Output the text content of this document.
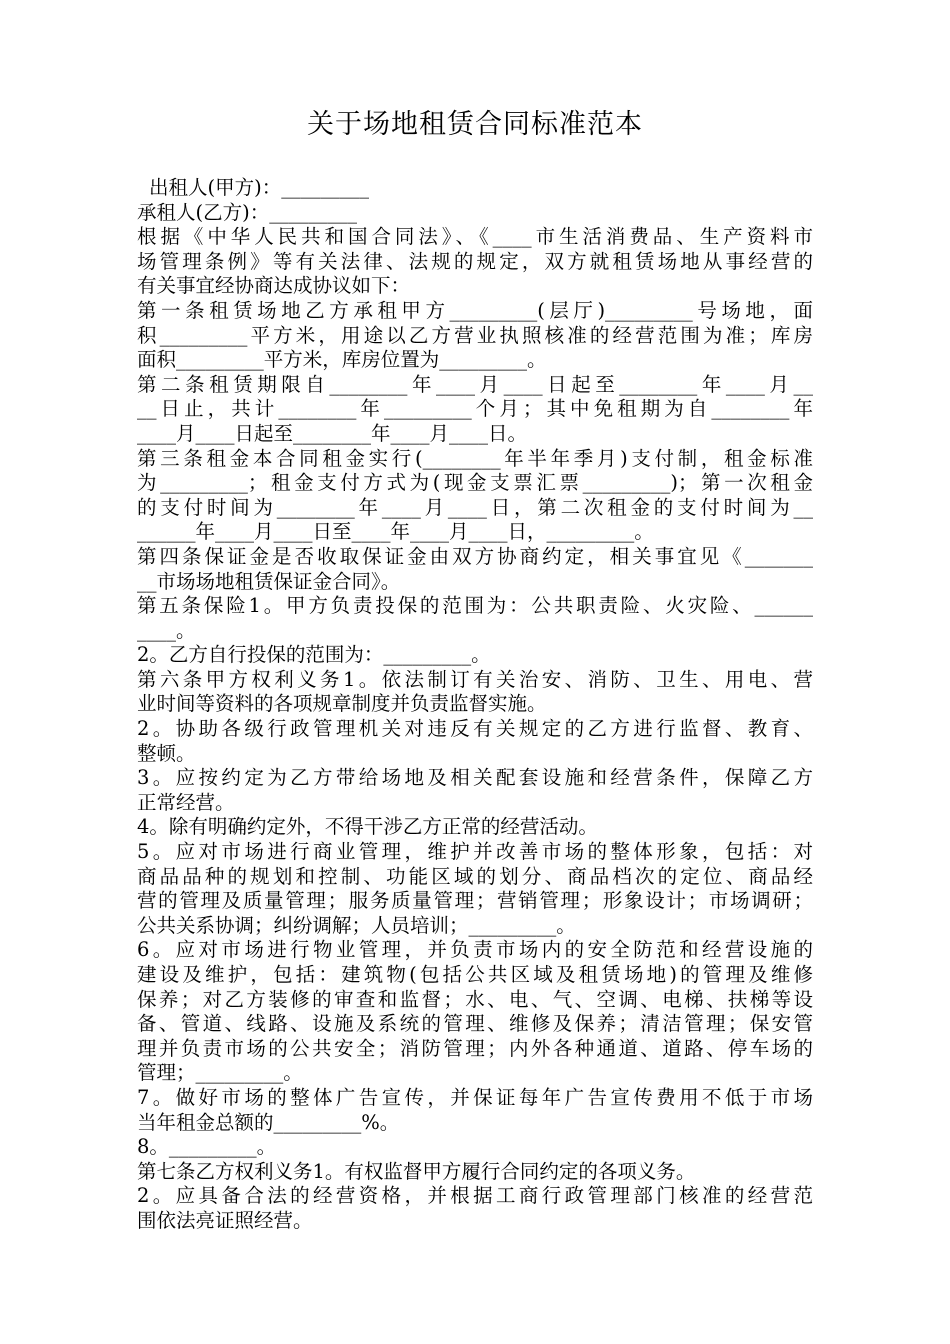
关于场地租赁合同标准范本
出租人(甲方)：_________
承租人(乙方)：_________
根据《中华人民共和国合同法》、《____市生活消费品、生产资料市
场管理条例》等有关法律、法规的规定，双方就租赁场地从事经营的
有关事宜经协商达成协议如下：
第一条租赁场地乙方承租甲方_________(层厅)_________号场地，面
积_________平方米，用途以乙方营业执照核准的经营范围为准；库房
面积_________平方米，库房位置为_________。
第二条租赁期限自________年____月____日起至________年____月__
__日止，共计________年_________个月；其中免租期为自________年
____月____日起至________年____月____日。
第三条租金本合同租金实行(________年半年季月)支付制，租金标准
为_________；租金支付方式为(现金支票汇票_________)；第一次租金
的支付时间为________年____月____日，第二次租金的支付时间为__
______年____月____日至____年____月____日，_________。
第四条保证金是否收取保证金由双方协商约定，相关事宜见《_______
__市场场地租赁保证金合同》。
第五条保险1。甲方负责投保的范围为：公共职责险、火灾险、______
____。
2。乙方自行投保的范围为：_________。
第六条甲方权利义务1。依法制订有关治安、消防、卫生、用电、营
业时间等资料的各项规章制度并负责监督实施。
2。协助各级行政管理机关对违反有关规定的乙方进行监督、教育、
整顿。
3。应按约定为乙方带给场地及相关配套设施和经营条件，保障乙方
正常经营。
4。除有明确约定外，不得干涉乙方正常的经营活动。
5。应对市场进行商业管理，维护并改善市场的整体形象，包括：对
商品品种的规划和控制、功能区域的划分、商品档次的定位、商品经
营的管理及质量管理；服务质量管理；营销管理；形象设计；市场调研；
公共关系协调；纠纷调解；人员培训；_________。
6。应对市场进行物业管理，并负责市场内的安全防范和经营设施的
建设及维护，包括：建筑物(包括公共区域及租赁场地)的管理及维修
保养；对乙方装修的审查和监督；水、电、气、空调、电梯、扶梯等设
备、管道、线路、设施及系统的管理、维修及保养；清洁管理；保安管
理并负责市场的公共安全；消防管理；内外各种通道、道路、停车场的
管理；_________。
7。做好市场的整体广告宣传，并保证每年广告宣传费用不低于市场
当年租金总额的_________%。
8。_________。
第七条乙方权利义务1。有权监督甲方履行合同约定的各项义务。
2。应具备合法的经营资格，并根据工商行政管理部门核准的经营范
围依法亮证照经营。
